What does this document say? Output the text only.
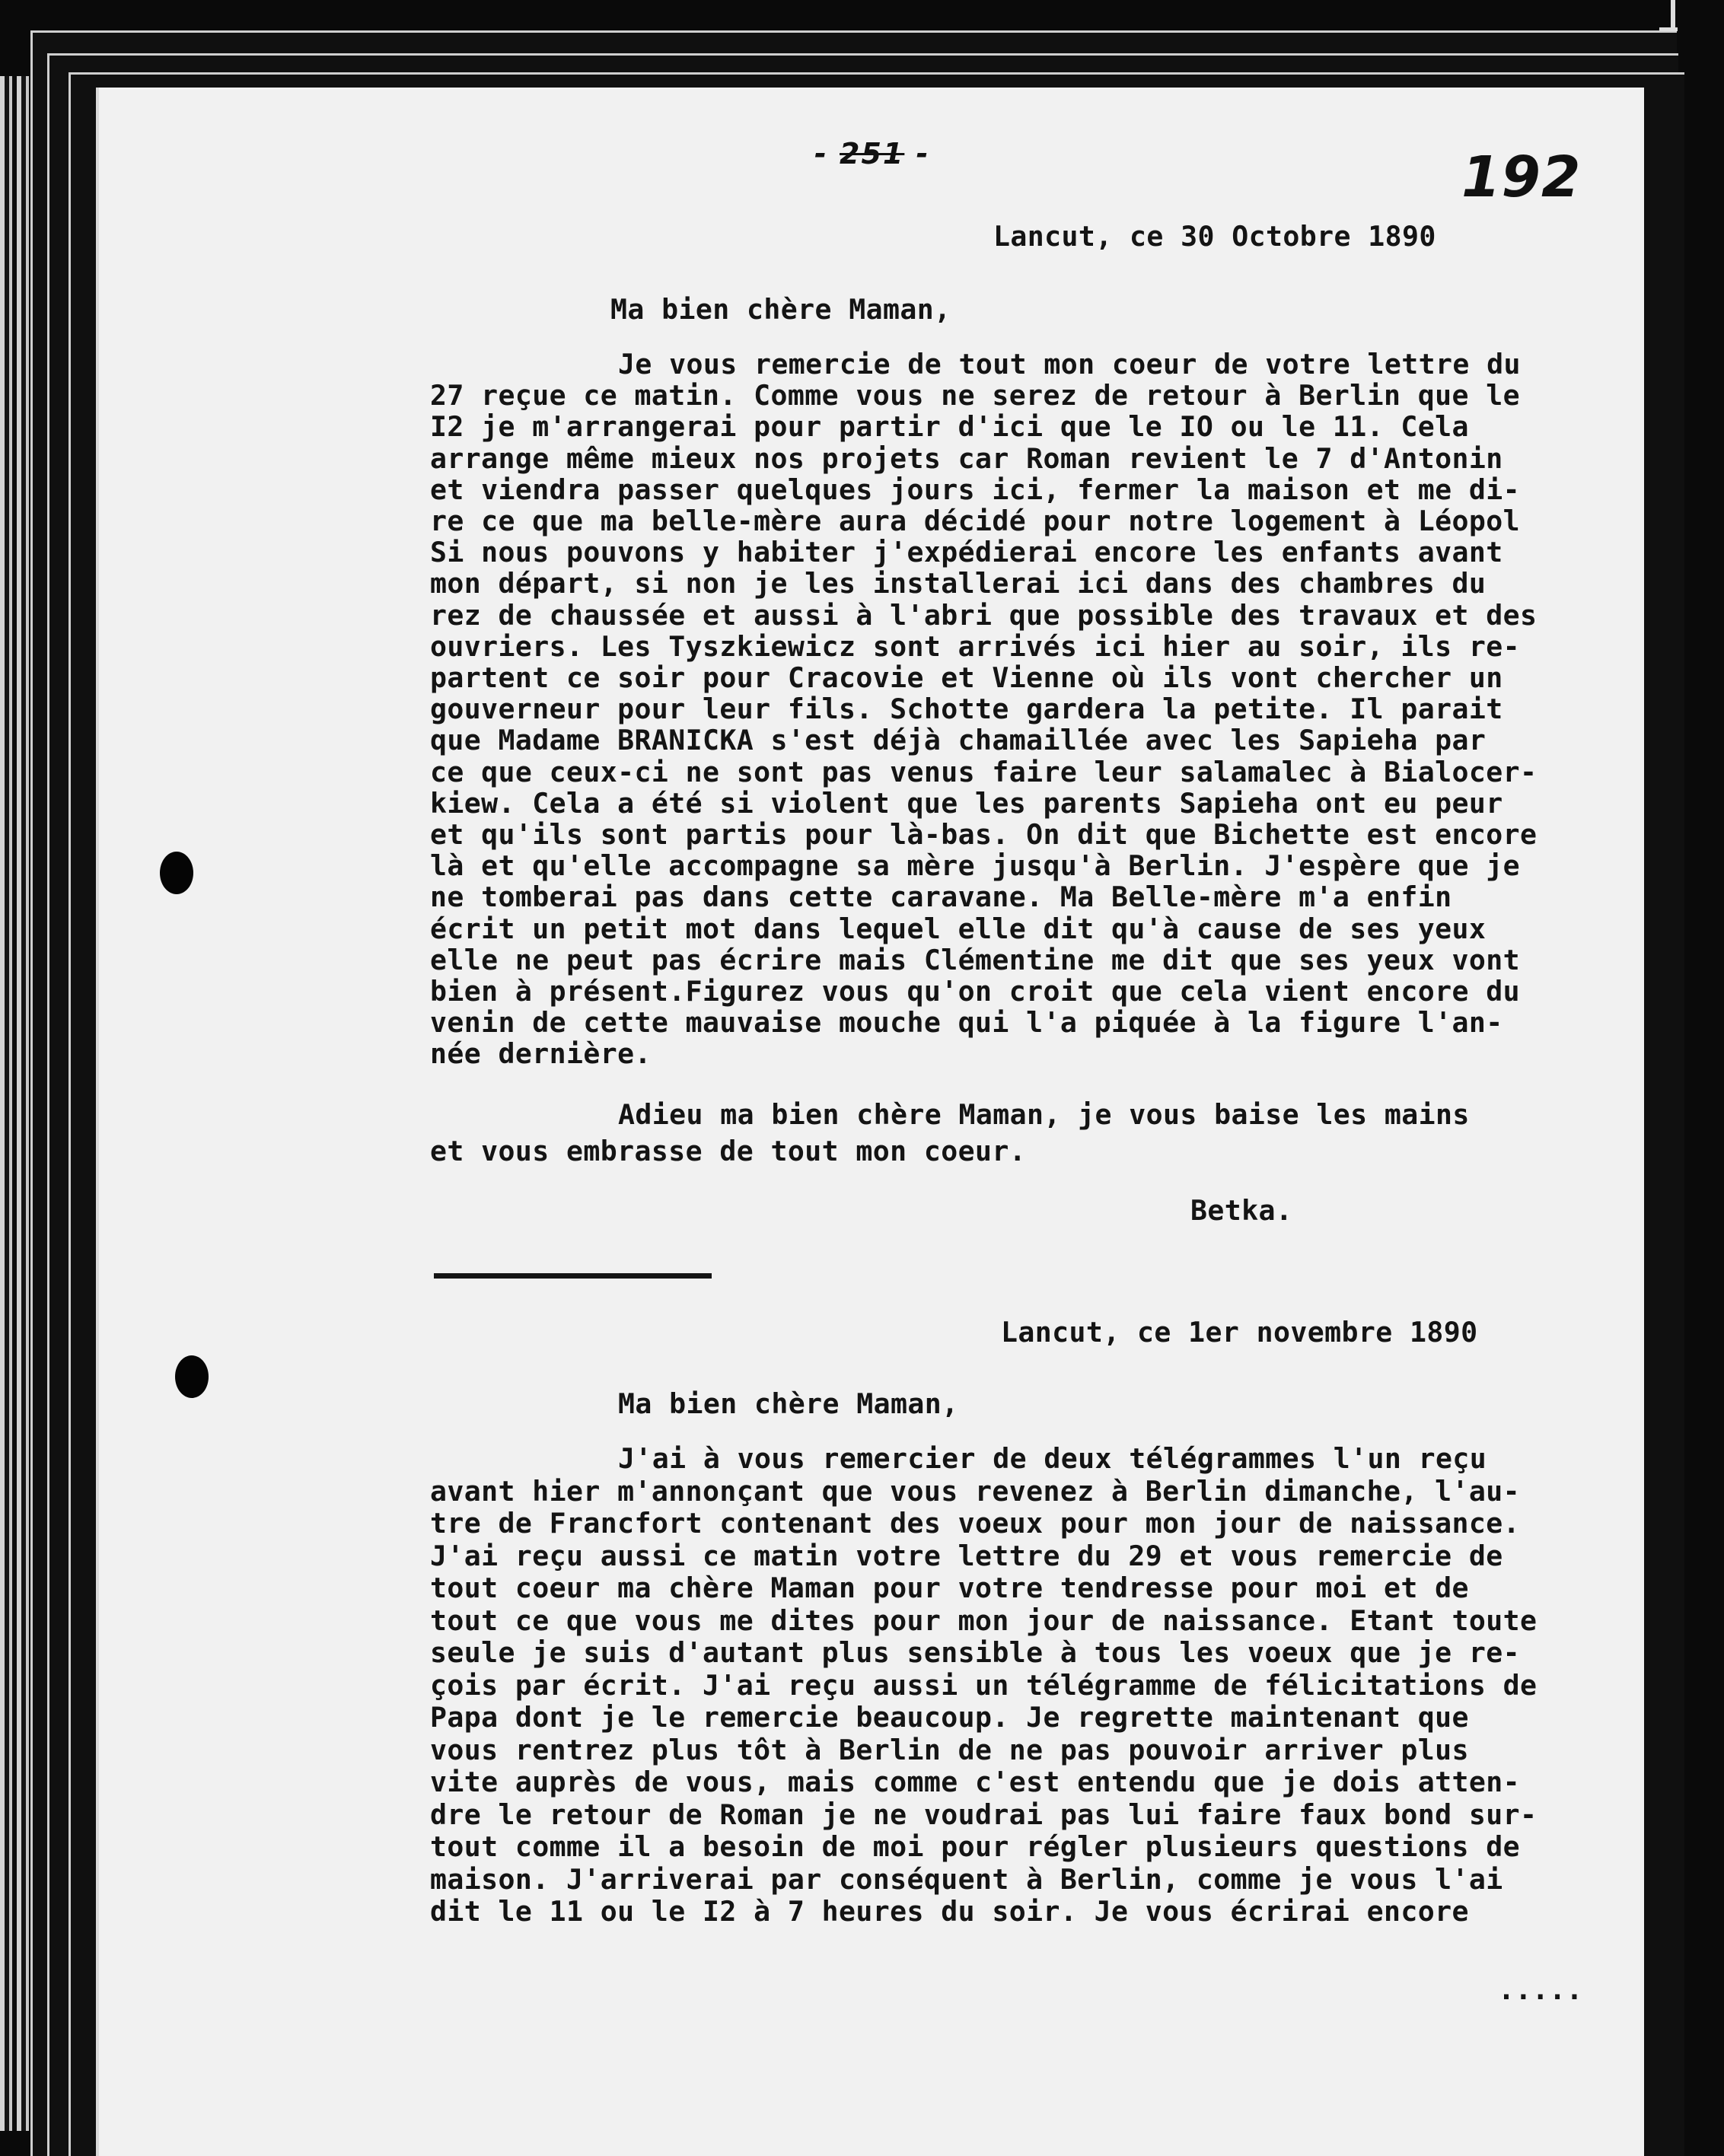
- 251 -	192
Lancut, ce 30 Octobre 1890
Ma bien chère Maman,
Je vous remercie de tout mon coeur de votre lettre du
27 reçue ce matin. Comme vous ne serez de retour à Berlin que le
I2 je m'arrangerai pour partir d'ici que le IO ou le 11. Cela
arrange même mieux nos projets car Roman revient le 7 d'Antonin
et viendra passer quelques jours ici, fermer la maison et me di-
re ce que ma belle-mère aura décidé pour notre logement à Léopol
Si nous pouvons y habiter j'expédierai encore les enfants avant
mon départ, si non je les installerai ici dans des chambres du
rez de chaussée et aussi à l'abri que possible des travaux et des
ouvriers. Les Tyszkiewicz sont arrivés ici hier au soir, ils re-
partent ce soir pour Cracovie et Vienne où ils vont chercher un
gouverneur pour leur fils. Schotte gardera la petite. Il parait
que Madame BRANICKA s'est déjà chamaillée avec les Sapieha par
ce que ceux-ci ne sont pas venus faire leur salamalec à Bialocer-
kiew. Cela a été si violent que les parents Sapieha ont eu peur
et qu'ils sont partis pour là-bas. On dit que Bichette est encore
là et qu'elle accompagne sa mère jusqu'à Berlin. J'espère que je
ne tomberai pas dans cette caravane. Ma Belle-mère m'a enfin
écrit un petit mot dans lequel elle dit qu'à cause de ses yeux
elle ne peut pas écrire mais Clémentine me dit que ses yeux vont
bien à présent.Figurez vous qu'on croit que cela vient encore du
venin de cette mauvaise mouche qui l'a piquée à la figure l'an-
née dernière.
Adieu ma bien chère Maman, je vous baise les mains
et vous embrasse de tout mon coeur.
Betka.
Lancut, ce 1er novembre 1890
Ma bien chère Maman,
J'ai à vous remercier de deux télégrammes l'un reçu
avant hier m'annonçant que vous revenez à Berlin dimanche, l'au-
tre de Francfort contenant des voeux pour mon jour de naissance.
J'ai reçu aussi ce matin votre lettre du 29 et vous remercie de
tout coeur ma chère Maman pour votre tendresse pour moi et de
tout ce que vous me dites pour mon jour de naissance. Etant toute
seule je suis d'autant plus sensible à tous les voeux que je re-
çois par écrit. J'ai reçu aussi un télégramme de félicitations de
Papa dont je le remercie beaucoup. Je regrette maintenant que
vous rentrez plus tôt à Berlin de ne pas pouvoir arriver plus
vite auprès de vous, mais comme c'est entendu que je dois atten-
dre le retour de Roman je ne voudrai pas lui faire faux bond sur-
tout comme il a besoin de moi pour régler plusieurs questions de
maison. J'arriverai par conséquent à Berlin, comme je vous l'ai
dit le 11 ou le I2 à 7 heures du soir. Je vous écrirai encore
.....
